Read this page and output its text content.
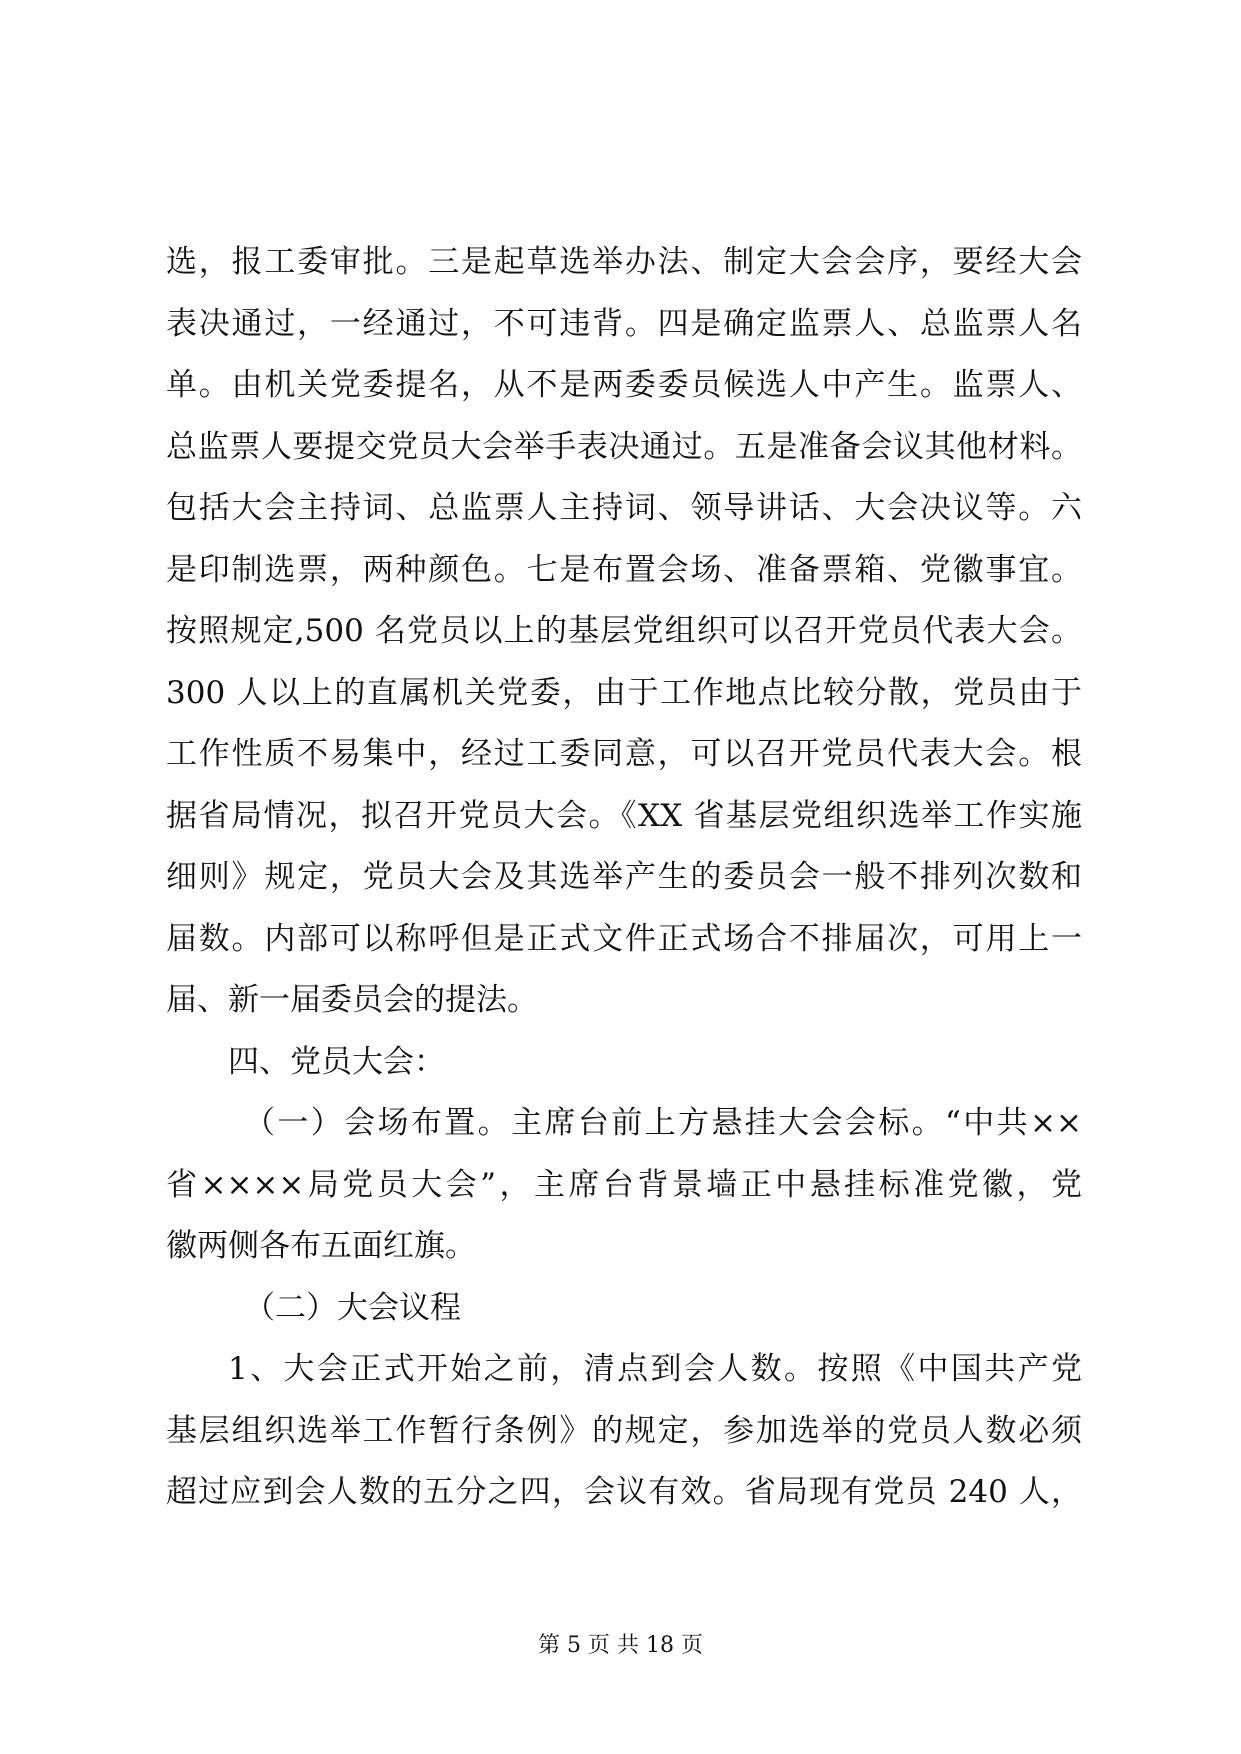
选，报工委审批。三是起草选举办法、制定大会会序，要经大会
表决通过，一经通过，不可违背。四是确定监票人、总监票人名
单。由机关党委提名，从不是两委委员候选人中产生。监票人、
总监票人要提交党员大会举手表决通过。五是准备会议其他材料。
包括大会主持词、总监票人主持词、领导讲话、大会决议等。六
是印制选票，两种颜色。七是布置会场、准备票箱、党徽事宜。
按照规定,500 名党员以上的基层党组织可以召开党员代表大会。
300 人以上的直属机关党委，由于工作地点比较分散，党员由于
工作性质不易集中，经过工委同意，可以召开党员代表大会。根
据省局情况，拟召开党员大会。《XX 省基层党组织选举工作实施
细则》规定，党员大会及其选举产生的委员会一般不排列次数和
届数。内部可以称呼但是正式文件正式场合不排届次，可用上一
届、新一届委员会的提法。
四、党员大会：
（一）会场布置。主席台前上方悬挂大会会标。“中共××
省××××局党员大会”，主席台背景墙正中悬挂标准党徽，党
徽两侧各布五面红旗。
（二）大会议程
1、大会正式开始之前，清点到会人数。按照《中国共产党
基层组织选举工作暂行条例》的规定，参加选举的党员人数必须
超过应到会人数的五分之四，会议有效。省局现有党员 240 人，
第 5 页 共 18 页
